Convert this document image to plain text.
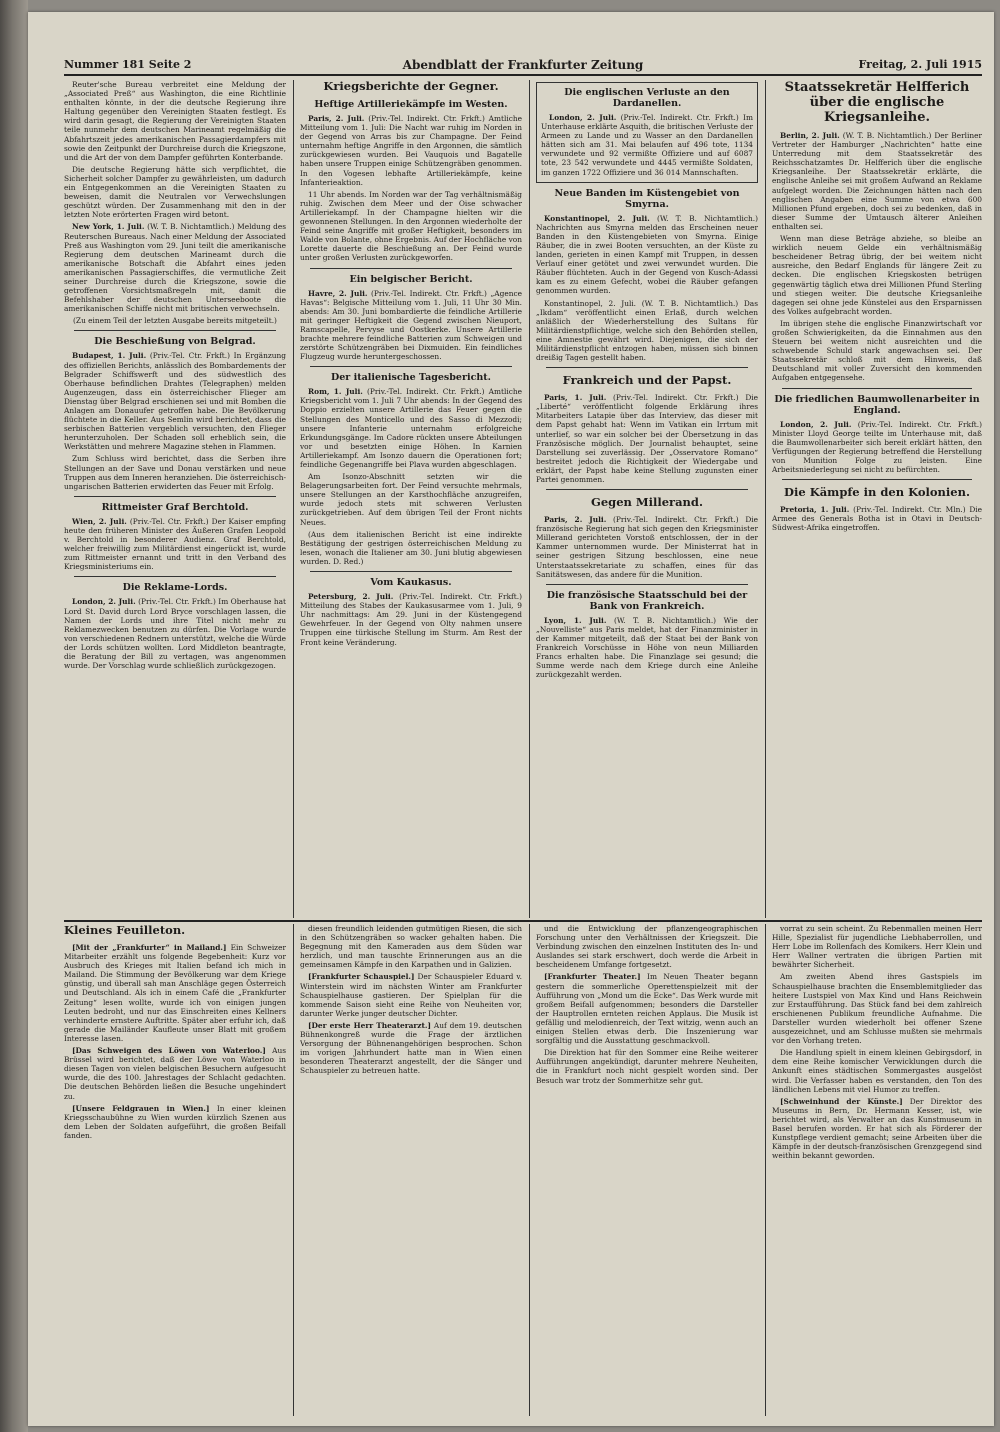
Nummer 181 Seite 2	Abendblatt der Frankfurter Zeitung	Freitag, 2. Juli 1915

Reuter'sche Bureau verbreitet eine Meldung der „Associated Preß“ aus Washington, die eine Richtlinie enthalten könnte, in der die deutsche Regierung ihre Haltung gegenüber den Vereinigten Staaten festlegt. Es wird darin gesagt, die Regierung der Vereinigten Staaten teile nunmehr dem deutschen Marineamt regelmäßig die Abfahrtszeit jedes amerikanischen Passagierdampfers mit sowie den Zeitpunkt der Durchreise durch die Kriegszone, und die Art der von dem Dampfer geführten Konterbande.

Die deutsche Regierung hätte sich verpflichtet, die Sicherheit solcher Dampfer zu gewährleisten, um dadurch ein Entgegenkommen an die Vereinigten Staaten zu beweisen, damit die Neutralen vor Verwechslungen geschützt würden. Der Zusammenhang mit den in der letzten Note erörterten Fragen wird betont.

New York, 1. Juli. (W. T. B. Nichtamtlich.) Meldung des Reuterschen Bureaus. Nach einer Meldung der Associated Preß aus Washington vom 29. Juni teilt die amerikanische Regierung dem deutschen Marineamt durch die amerikanische Botschaft die Abfahrt eines jeden amerikanischen Passagierschiffes, die vermutliche Zeit seiner Durchreise durch die Kriegszone, sowie die getroffenen Vorsichtsmaßregeln mit, damit die Befehlshaber der deutschen Unterseeboote die amerikanischen Schiffe nicht mit britischen verwechseln.

(Zu einem Teil der letzten Ausgabe bereits mitgeteilt.)

Die Beschießung von Belgrad.

Budapest, 1. Juli. (Priv.-Tel. Ctr. Frkft.) In Ergänzung des offiziellen Berichts, anlässlich des Bombardements der Belgrader Schiffswerft und des südwestlich des Oberhause befindlichen Drahtes (Telegraphen) melden Augenzeugen, dass ein österreichischer Flieger am Dienstag über Belgrad erschienen sei und mit Bomben die Anlagen am Donauufer getroffen habe. Die Bevölkerung flüchtete in die Keller. Aus Semlin wird berichtet, dass die serbischen Batterien vergeblich versuchten, den Flieger herunterzuholen. Der Schaden soll erheblich sein, die Werkstätten und mehrere Magazine stehen in Flammen.

Zum Schluss wird berichtet, dass die Serben ihre Stellungen an der Save und Donau verstärken und neue Truppen aus dem Inneren heranziehen. Die österreichisch-ungarischen Batterien erwiderten das Feuer mit Erfolg.

Rittmeister Graf Berchtold.

Wien, 2. Juli. (Priv.-Tel. Ctr. Frkft.) Der Kaiser empfing heute den früheren Minister des Äußeren Grafen Leopold v. Berchtold in besonderer Audienz. Graf Berchtold, welcher freiwillig zum Militärdienst eingerückt ist, wurde zum Rittmeister ernannt und tritt in den Verband des Kriegsministeriums ein.

Die Reklame-Lords.

London, 2. Juli. (Priv.-Tel. Ctr. Frkft.) Im Oberhause hat Lord St. David durch Lord Bryce vorschlagen lassen, die Namen der Lords und ihre Titel nicht mehr zu Reklamezwecken benutzen zu dürfen. Die Vorlage wurde von verschiedenen Rednern unterstützt, welche die Würde der Lords schützen wollten. Lord Middleton beantragte, die Beratung der Bill zu vertagen, was angenommen wurde. Der Vorschlag wurde schließlich zurückgezogen.

Kriegsberichte der Gegner.
Heftige Artilleriekämpfe im Westen.

Paris, 2. Juli. (Priv.-Tel. Indirekt. Ctr. Frkft.) Amtliche Mitteilung vom 1. Juli: Die Nacht war ruhig im Norden in der Gegend von Arras bis zur Champagne. Der Feind unternahm heftige Angriffe in den Argonnen, die sämtlich zurückgewiesen wurden. Bei Vauquois und Bagatelle haben unsere Truppen einige Schützengräben genommen. In den Vogesen lebhafte Artilleriekämpfe, keine Infanterieaktion.

11 Uhr abends. Im Norden war der Tag verhältnismäßig ruhig. Zwischen dem Meer und der Oise schwacher Artilleriekampf. In der Champagne hielten wir die gewonnenen Stellungen. In den Argonnen wiederholte der Feind seine Angriffe mit großer Heftigkeit, besonders im Walde von Bolante, ohne Ergebnis. Auf der Hochfläche von Lorette dauerte die Beschießung an. Der Feind wurde unter großen Verlusten zurückgeworfen.

Ein belgischer Bericht.

Havre, 2. Juli. (Priv.-Tel. Indirekt. Ctr. Frkft.) „Agence Havas“: Belgische Mitteilung vom 1. Juli, 11 Uhr 30 Min. abends: Am 30. Juni bombardierte die feindliche Artillerie mit geringer Heftigkeit die Gegend zwischen Nieuport, Ramscapelle, Pervyse und Oostkerke. Unsere Artillerie brachte mehrere feindliche Batterien zum Schweigen und zerstörte Schützengräben bei Dixmuiden. Ein feindliches Flugzeug wurde heruntergeschossen.

Der italienische Tagesbericht.

Rom, 1. Juli. (Priv.-Tel. Indirekt. Ctr. Frkft.) Amtliche Kriegsbericht vom 1. Juli 7 Uhr abends: In der Gegend des Doppio erzielten unsere Artillerie das Feuer gegen die Stellungen des Monticello und des Sasso di Mezzodi; unsere Infanterie unternahm erfolgreiche Erkundungsgänge. Im Cadore rückten unsere Abteilungen vor und besetzten einige Höhen. In Karnien Artilleriekampf. Am Isonzo dauern die Operationen fort; feindliche Gegenangriffe bei Plava wurden abgeschlagen.

Am Isonzo-Abschnitt setzten wir die Belagerungsarbeiten fort. Der Feind versuchte mehrmals, unsere Stellungen an der Karsthochfläche anzugreifen, wurde jedoch stets mit schweren Verlusten zurückgetrieben. Auf dem übrigen Teil der Front nichts Neues.

(Aus dem italienischen Bericht ist eine indirekte Bestätigung der gestrigen österreichischen Meldung zu lesen, wonach die Italiener am 30. Juni blutig abgewiesen wurden. D. Red.)

Vom Kaukasus.

Petersburg, 2. Juli. (Priv.-Tel. Indirekt. Ctr. Frkft.) Mitteilung des Stabes der Kaukasusarmee vom 1. Juli, 9 Uhr nachmittags: Am 29. Juni in der Küstengegend Gewehrfeuer. In der Gegend von Olty nahmen unsere Truppen eine türkische Stellung im Sturm. Am Rest der Front keine Veränderung.

Die englischen Verluste an den Dardanellen.

London, 2. Juli. (Priv.-Tel. Indirekt. Ctr. Frkft.) Im Unterhause erklärte Asquith, die britischen Verluste der Armeen zu Lande und zu Wasser an den Dardanellen hätten sich am 31. Mai belaufen auf 496 tote, 1134 verwundete und 92 vermißte Offiziere und auf 6087 tote, 23 542 verwundete und 4445 vermißte Soldaten, im ganzen 1722 Offiziere und 36 014 Mannschaften.

Neue Banden im Küstengebiet von Smyrna.

Konstantinopel, 2. Juli. (W. T. B. Nichtamtlich.) Nachrichten aus Smyrna melden das Erscheinen neuer Banden in den Küstengebieten von Smyrna. Einige Räuber, die in zwei Booten versuchten, an der Küste zu landen, gerieten in einen Kampf mit Truppen, in dessen Verlauf einer getötet und zwei verwundet wurden. Die Räuber flüchteten. Auch in der Gegend von Kusch-Adassi kam es zu einem Gefecht, wobei die Räuber gefangen genommen wurden.

Konstantinopel, 2. Juli. (W. T. B. Nichtamtlich.) Das „Ikdam“ veröffentlicht einen Erlaß, durch welchen anläßlich der Wiederherstellung des Sultans für Militärdienstpflichtige, welche sich den Behörden stellen, eine Amnestie gewährt wird. Diejenigen, die sich der Militärdienstpflicht entzogen haben, müssen sich binnen dreißig Tagen gestellt haben.

Frankreich und der Papst.

Paris, 1. Juli. (Priv.-Tel. Indirekt. Ctr. Frkft.) Die „Liberté“ veröffentlicht folgende Erklärung ihres Mitarbeiters Latapie über das Interview, das dieser mit dem Papst gehabt hat: Wenn im Vatikan ein Irrtum mit unterlief, so war ein solcher bei der Übersetzung in das Französische möglich. Der Journalist behauptet, seine Darstellung sei zuverlässig. Der „Osservatore Romano“ bestreitet jedoch die Richtigkeit der Wiedergabe und erklärt, der Papst habe keine Stellung zugunsten einer Partei genommen.

Gegen Millerand.

Paris, 2. Juli. (Priv.-Tel. Indirekt. Ctr. Frkft.) Die französische Regierung hat sich gegen den Kriegsminister Millerand gerichteten Vorstoß entschlossen, der in der Kammer unternommen wurde. Der Ministerrat hat in seiner gestrigen Sitzung beschlossen, eine neue Unterstaatssekretariate zu schaffen, eines für das Sanitätswesen, das andere für die Munition.

Die französische Staatsschuld bei der Bank von Frankreich.

Lyon, 1. Juli. (W. T. B. Nichtamtlich.) Wie der „Nouvelliste“ aus Paris meldet, hat der Finanzminister in der Kammer mitgeteilt, daß der Staat bei der Bank von Frankreich Vorschüsse in Höhe von neun Milliarden Francs erhalten habe. Die Finanzlage sei gesund; die Summe werde nach dem Kriege durch eine Anleihe zurückgezahlt werden.

Staatssekretär Helfferich über die englische Kriegsanleihe.

Berlin, 2. Juli. (W. T. B. Nichtamtlich.) Der Berliner Vertreter der Hamburger „Nachrichten“ hatte eine Unterredung mit dem Staatssekretär des Reichsschatzamtes Dr. Helfferich über die englische Kriegsanleihe. Der Staatssekretär erklärte, die englische Anleihe sei mit großem Aufwand an Reklame aufgelegt worden. Die Zeichnungen hätten nach den englischen Angaben eine Summe von etwa 600 Millionen Pfund ergeben, doch sei zu bedenken, daß in dieser Summe der Umtausch älterer Anleihen enthalten sei.

Wenn man diese Beträge abziehe, so bleibe an wirklich neuem Gelde ein verhältnismäßig bescheidener Betrag übrig, der bei weitem nicht ausreiche, den Bedarf Englands für längere Zeit zu decken. Die englischen Kriegskosten betrügen gegenwärtig täglich etwa drei Millionen Pfund Sterling und stiegen weiter. Die deutsche Kriegsanleihe dagegen sei ohne jede Künstelei aus den Ersparnissen des Volkes aufgebracht worden.

Im übrigen stehe die englische Finanzwirtschaft vor großen Schwierigkeiten, da die Einnahmen aus den Steuern bei weitem nicht ausreichten und die schwebende Schuld stark angewachsen sei. Der Staatssekretär schloß mit dem Hinweis, daß Deutschland mit voller Zuversicht den kommenden Aufgaben entgegensehe.

Die friedlichen Baumwollenarbeiter in England.

London, 2. Juli. (Priv.-Tel. Indirekt. Ctr. Frkft.) Minister Lloyd George teilte im Unterhause mit, daß die Baumwollenarbeiter sich bereit erklärt hätten, den Verfügungen der Regierung betreffend die Herstellung von Munition Folge zu leisten. Eine Arbeitsniederlegung sei nicht zu befürchten.

Die Kämpfe in den Kolonien.

Pretoria, 1. Juli. (Priv.-Tel. Indirekt. Ctr. Mln.) Die Armee des Generals Botha ist in Otavi in Deutsch-Südwest-Afrika eingetroffen.

Kleines Feuilleton.

[Mit der „Frankfurter“ in Mailand.] Ein Schweizer Mitarbeiter erzählt uns folgende Begebenheit: Kurz vor Ausbruch des Krieges mit Italien befand ich mich in Mailand. Die Stimmung der Bevölkerung war dem Kriege günstig, und überall sah man Anschläge gegen Österreich und Deutschland. Als ich in einem Café die „Frankfurter Zeitung“ lesen wollte, wurde ich von einigen jungen Leuten bedroht, und nur das Einschreiten eines Kellners verhinderte ernstere Auftritte. Später aber erfuhr ich, daß gerade die Mailänder Kaufleute unser Blatt mit großem Interesse lasen.

[Das Schweigen des Löwen von Waterloo.] Aus Brüssel wird berichtet, daß der Löwe von Waterloo in diesen Tagen von vielen belgischen Besuchern aufgesucht wurde, die des 100. Jahrestages der Schlacht gedachten. Die deutschen Behörden ließen die Besuche ungehindert zu.

[Unsere Feldgrauen in Wien.] In einer kleinen Kriegsschaubühne zu Wien wurden kürzlich Szenen aus dem Leben der Soldaten aufgeführt, die großen Beifall fanden.

diesen freundlich leidenden gutmütigen Riesen, die sich in den Schützengräben so wacker gehalten haben. Die Begegnung mit den Kameraden aus dem Süden war herzlich, und man tauschte Erinnerungen aus an die gemeinsamen Kämpfe in den Karpathen und in Galizien.

[Frankfurter Schauspiel.] Der Schauspieler Eduard v. Winterstein wird im nächsten Winter am Frankfurter Schauspielhause gastieren. Der Spielplan für die kommende Saison sieht eine Reihe von Neuheiten vor, darunter Werke junger deutscher Dichter.

[Der erste Herr Theaterarzt.] Auf dem 19. deutschen Bühnenkongreß wurde die Frage der ärztlichen Versorgung der Bühnenangehörigen besprochen. Schon im vorigen Jahrhundert hatte man in Wien einen besonderen Theaterarzt angestellt, der die Sänger und Schauspieler zu betreuen hatte.

und die Entwicklung der pflanzengeographischen Forschung unter den Verhältnissen der Kriegszeit. Die Verbindung zwischen den einzelnen Instituten des In- und Auslandes sei stark erschwert, doch werde die Arbeit in bescheidenem Umfange fortgesetzt.

[Frankfurter Theater.] Im Neuen Theater begann gestern die sommerliche Operettenspielzeit mit der Aufführung von „Mond um die Ecke“. Das Werk wurde mit großem Beifall aufgenommen; besonders die Darsteller der Hauptrollen ernteten reichen Applaus. Die Musik ist gefällig und melodienreich, der Text witzig, wenn auch an einigen Stellen etwas derb. Die Inszenierung war sorgfältig und die Ausstattung geschmackvoll.

Die Direktion hat für den Sommer eine Reihe weiterer Aufführungen angekündigt, darunter mehrere Neuheiten, die in Frankfurt noch nicht gespielt worden sind. Der Besuch war trotz der Sommerhitze sehr gut.

vorrat zu sein scheint. Zu Rebenmallen meinen Herr Hille, Spezialist für jugendliche Liebhaberrollen, und Herr Lobe im Rollenfach des Komikers. Herr Klein und Herr Wallner vertraten die übrigen Partien mit bewährter Sicherheit.

Am zweiten Abend ihres Gastspiels im Schauspielhause brachten die Ensemblemitglieder das heitere Lustspiel von Max Kind und Hans Reichwein zur Erstaufführung. Das Stück fand bei dem zahlreich erschienenen Publikum freundliche Aufnahme. Die Darsteller wurden wiederholt bei offener Szene ausgezeichnet, und am Schlusse mußten sie mehrmals vor den Vorhang treten.

Die Handlung spielt in einem kleinen Gebirgsdorf, in dem eine Reihe komischer Verwicklungen durch die Ankunft eines städtischen Sommergastes ausgelöst wird. Die Verfasser haben es verstanden, den Ton des ländlichen Lebens mit viel Humor zu treffen.

[Schweinhund der Künste.] Der Direktor des Museums in Bern, Dr. Hermann Kesser, ist, wie berichtet wird, als Verwalter an das Kunstmuseum in Basel berufen worden. Er hat sich als Förderer der Kunstpflege verdient gemacht; seine Arbeiten über die Kämpfe in der deutsch-französischen Grenzgegend sind weithin bekannt geworden.
